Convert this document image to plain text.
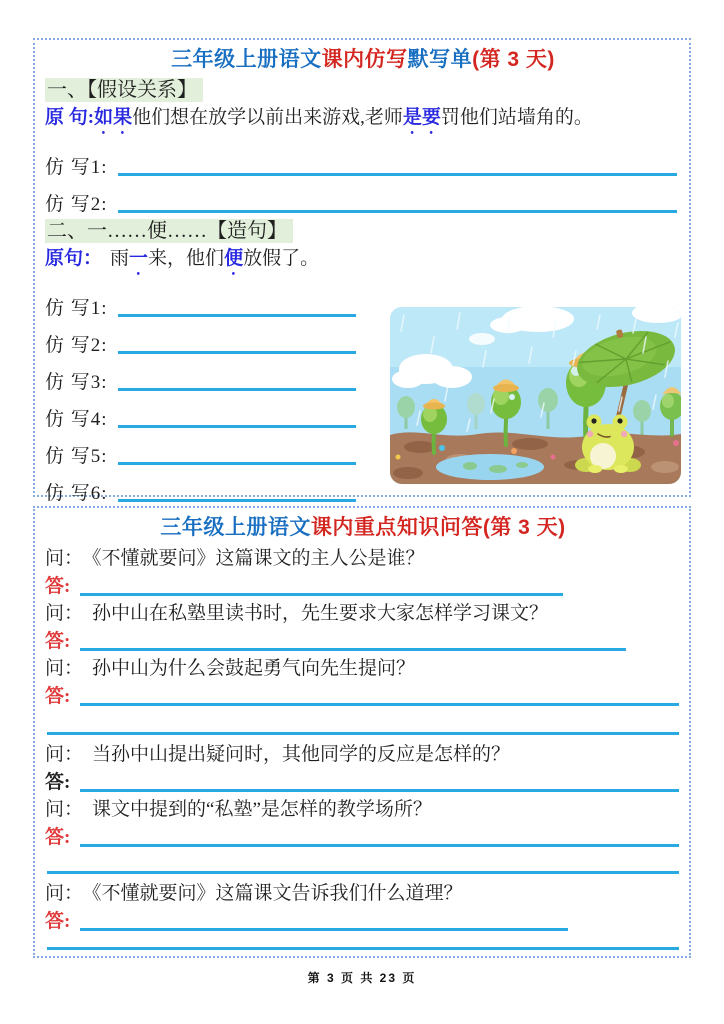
三年级上册语文课内仿写默写单(第 3 天)
一、【假设关系】
原 句:如果他们想在放学以前出来游戏,老师是要罚他们站墙角的。
仿 写1:
仿 写2:
二、一……便……【造句】
原句： 雨一来，他们便放假了。
仿 写1:
仿 写2:
仿 写3:
仿 写4:
仿 写5:
仿 写6:
三年级上册语文课内重点知识问答(第 3 天)
问： 《不懂就要问》这篇课文的主人公是谁？
答:
问： 孙中山在私塾里读书时，先生要求大家怎样学习课文？
答:
问： 孙中山为什么会鼓起勇气向先生提问？
答:
问： 当孙中山提出疑问时，其他同学的反应是怎样的？
答:
问： 课文中提到的“私塾”是怎样的教学场所？
答:
问： 《不懂就要问》这篇课文告诉我们什么道理？
答:
第 3 页 共 23 页
